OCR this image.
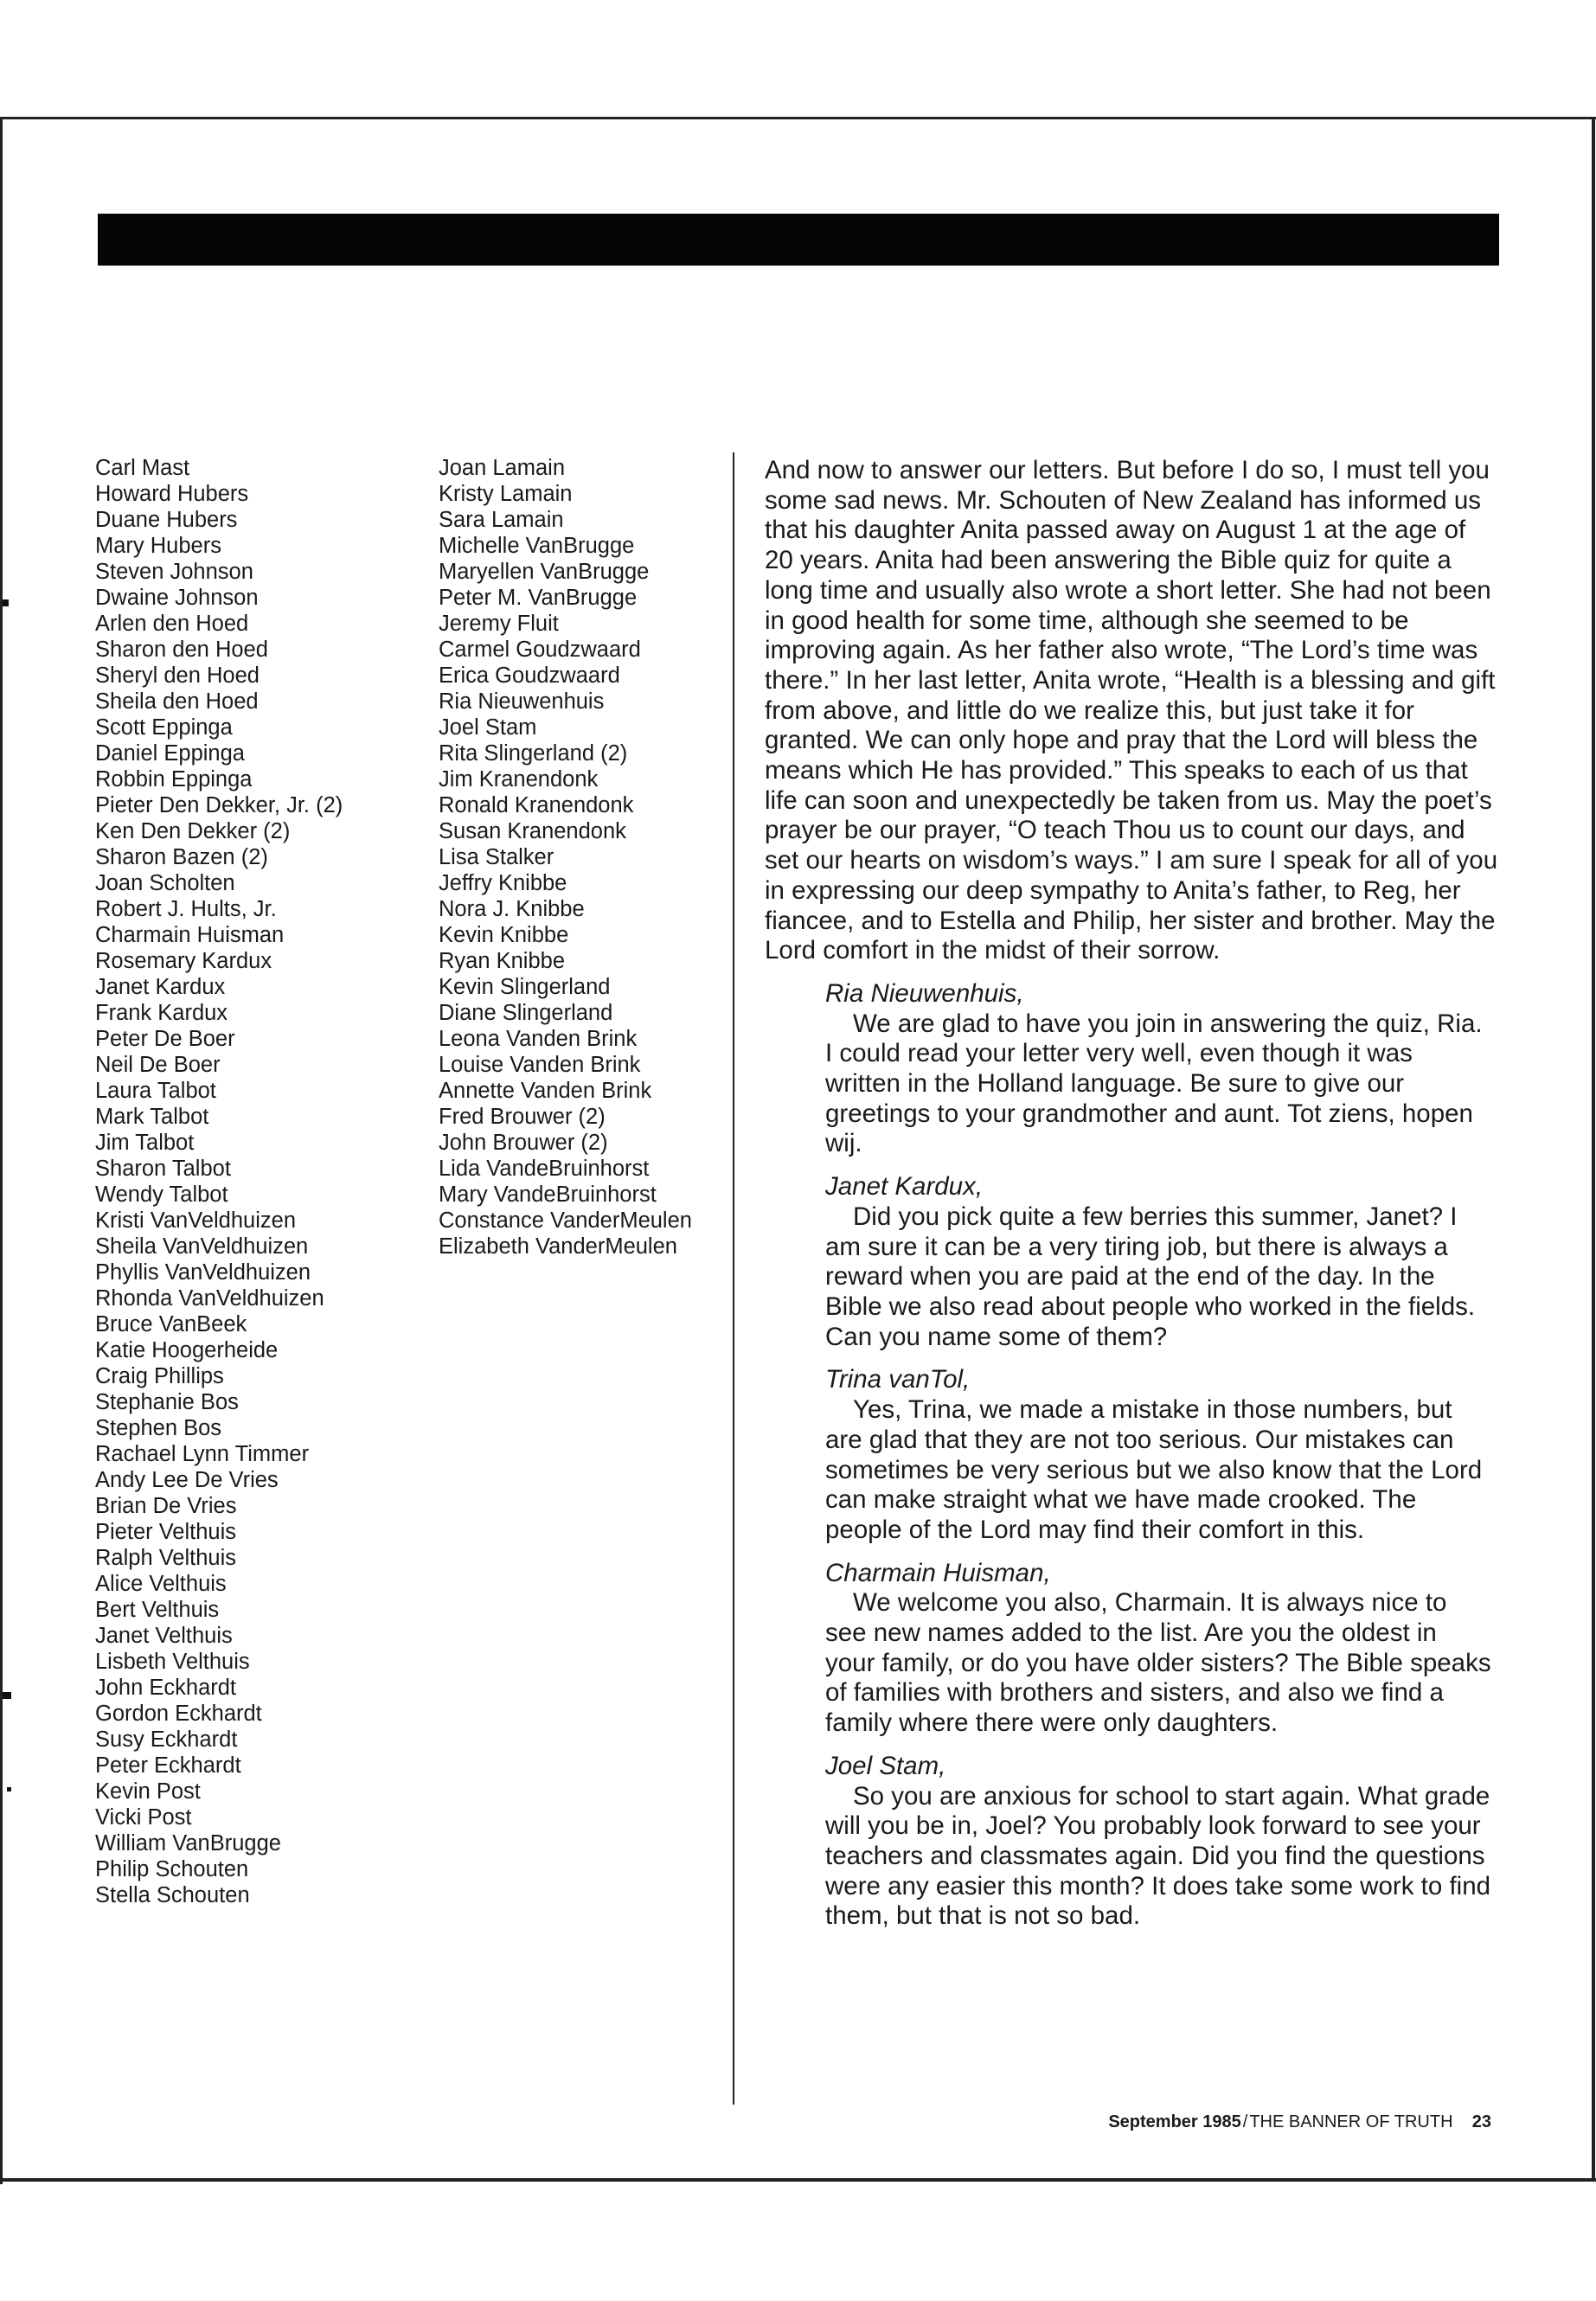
Carl Mast
Howard Hubers
Duane Hubers
Mary Hubers
Steven Johnson
Dwaine Johnson
Arlen den Hoed
Sharon den Hoed
Sheryl den Hoed
Sheila den Hoed
Scott Eppinga
Daniel Eppinga
Robbin Eppinga
Pieter Den Dekker, Jr. (2)
Ken Den Dekker (2)
Sharon Bazen (2)
Joan Scholten
Robert J. Hults, Jr.
Charmain Huisman
Rosemary Kardux
Janet Kardux
Frank Kardux
Peter De Boer
Neil De Boer
Laura Talbot
Mark Talbot
Jim Talbot
Sharon Talbot
Wendy Talbot
Kristi VanVeldhuizen
Sheila VanVeldhuizen
Phyllis VanVeldhuizen
Rhonda VanVeldhuizen
Bruce VanBeek
Katie Hoogerheide
Craig Phillips
Stephanie Bos
Stephen Bos
Rachael Lynn Timmer
Andy Lee De Vries
Brian De Vries
Pieter Velthuis
Ralph Velthuis
Alice Velthuis
Bert Velthuis
Janet Velthuis
Lisbeth Velthuis
John Eckhardt
Gordon Eckhardt
Susy Eckhardt
Peter Eckhardt
Kevin Post
Vicki Post
William VanBrugge
Philip Schouten
Stella Schouten
Joan Lamain
Kristy Lamain
Sara Lamain
Michelle VanBrugge
Maryellen VanBrugge
Peter M. VanBrugge
Jeremy Fluit
Carmel Goudzwaard
Erica Goudzwaard
Ria Nieuwenhuis
Joel Stam
Rita Slingerland (2)
Jim Kranendonk
Ronald Kranendonk
Susan Kranendonk
Lisa Stalker
Jeffry Knibbe
Nora J. Knibbe
Kevin Knibbe
Ryan Knibbe
Kevin Slingerland
Diane Slingerland
Leona Vanden Brink
Louise Vanden Brink
Annette Vanden Brink
Fred Brouwer (2)
John Brouwer (2)
Lida VandeBruinhorst
Mary VandeBruinhorst
Constance VanderMeulen
Elizabeth VanderMeulen

And now to answer our letters. But before I do so, I must tell you some sad news. Mr. Schouten of New Zealand has informed us that his daughter Anita passed away on August 1 at the age of 20 years. Anita had been answering the Bible quiz for quite a long time and usually also wrote a short letter. She had not been in good health for some time, although she seemed to be improving again. As her father also wrote, “The Lord’s time was there.” In her last letter, Anita wrote, “Health is a blessing and gift from above, and little do we realize this, but just take it for granted. We can only hope and pray that the Lord will bless the means which He has provided.” This speaks to each of us that life can soon and unexpectedly be taken from us. May the poet’s prayer be our prayer, “O teach Thou us to count our days, and set our hearts on wisdom’s ways.” I am sure I speak for all of you in expressing our deep sympathy to Anita’s father, to Reg, her fiancee, and to Estella and Philip, her sister and brother. May the Lord comfort in the midst of their sorrow.

Ria Nieuwenhuis,

We are glad to have you join in answering the quiz, Ria. I could read your letter very well, even though it was written in the Holland language. Be sure to give our greetings to your grandmother and aunt. Tot ziens, hopen wij.

Janet Kardux,

Did you pick quite a few berries this summer, Janet? I am sure it can be a very tiring job, but there is always a reward when you are paid at the end of the day. In the Bible we also read about people who worked in the fields. Can you name some of them?

Trina vanTol,

Yes, Trina, we made a mistake in those numbers, but are glad that they are not too serious. Our mistakes can sometimes be very serious but we also know that the Lord can make straight what we have made crooked. The people of the Lord may find their comfort in this.

Charmain Huisman,

We welcome you also, Charmain. It is always nice to see new names added to the list. Are you the oldest in your family, or do you have older sisters? The Bible speaks of families with brothers and sisters, and also we find a family where there were only daughters.

Joel Stam,

So you are anxious for school to start again. What grade will you be in, Joel? You probably look forward to see your teachers and classmates again. Did you find the questions were any easier this month? It does take some work to find them, but that is not so bad.

September 1985 / THE BANNER OF TRUTH 23
